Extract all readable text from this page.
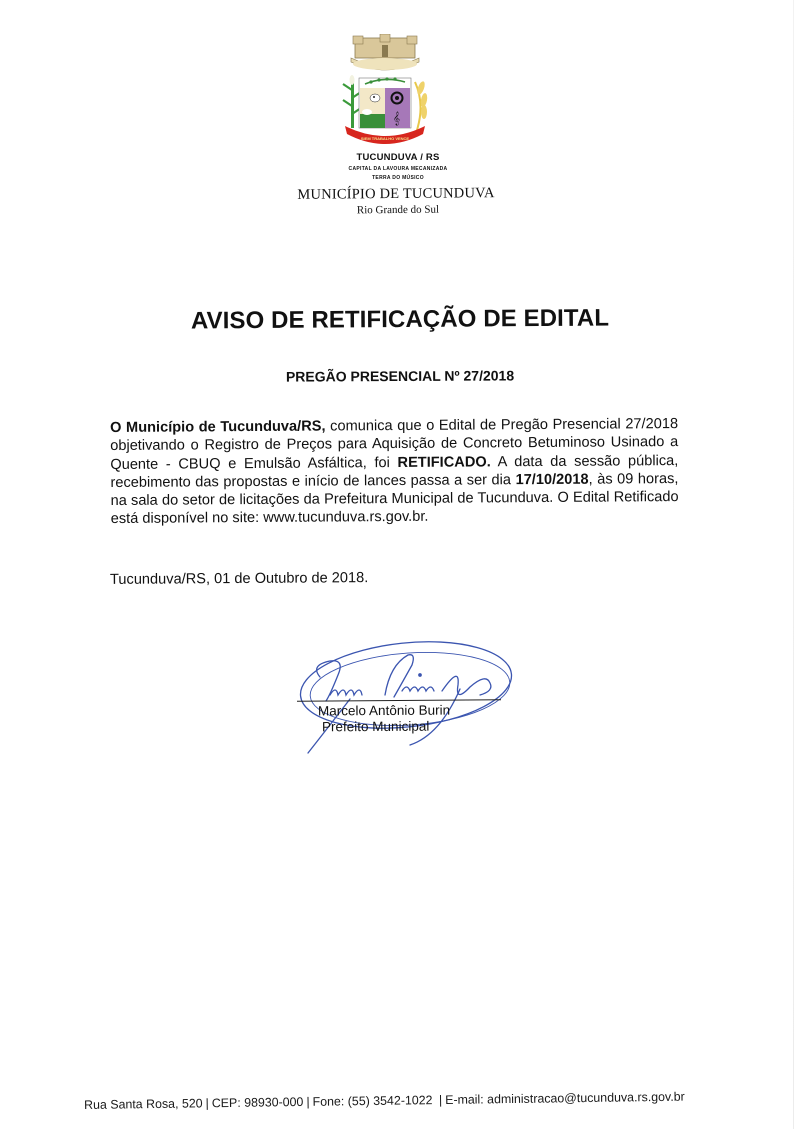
𝄞
SIEM TRABALHO VENCE
TUCUNDUVA / RS
CAPITAL DA LAVOURA MECANIZADA
TERRA DO MÚSICO
MUNICÍPIO DE TUCUNDUVA
Rio Grande do Sul
AVISO DE RETIFICAÇÃO DE EDITAL
PREGÃO PRESENCIAL Nº 27/2018
O Município de Tucunduva/RS, comunica que o Edital de Pregão Presencial 27/2018 objetivando o Registro de Preços para Aquisição de Concreto Betuminoso Usinado a Quente - CBUQ e Emulsão Asfáltica, foi RETIFICADO. A data da sessão pública, recebimento das propostas e início de lances passa a ser dia 17/10/2018, às 09 horas, na sala do setor de licitações da Prefeitura Municipal de Tucunduva. O Edital Retificado está disponível no site: www.tucunduva.rs.gov.br.
Tucunduva/RS, 01 de Outubro de 2018.
Marcelo Antônio Burin
Prefeito Municipal
Rua Santa Rosa, 520 | CEP: 98930-000 | Fone: (55) 3542-1022 | E-mail: administracao@tucunduva.rs.gov.br
